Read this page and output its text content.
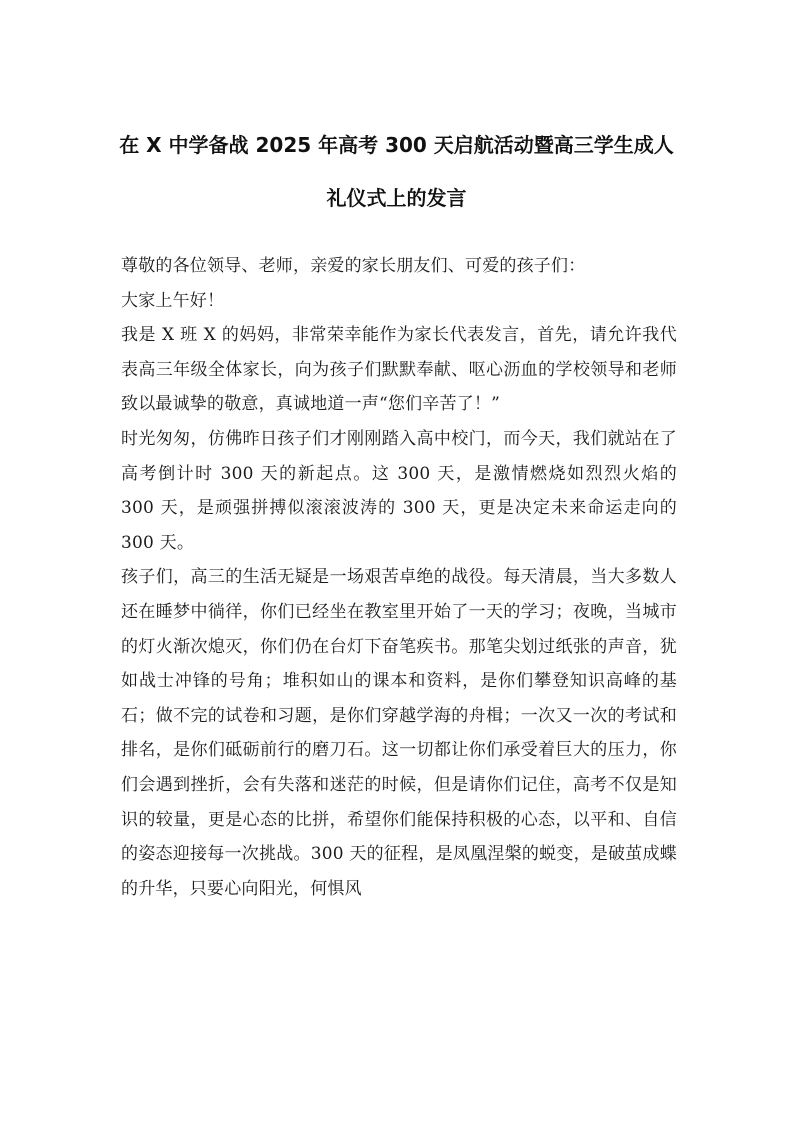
在 X 中学备战 2025 年高考 300 天启航活动暨高三学生成人
礼仪式上的发言

尊敬的各位领导、老师，亲爱的家长朋友们、可爱的孩子们：

大家上午好！

我是 X 班 X 的妈妈，非常荣幸能作为家长代表发言，首先，请允许我代表高三年级全体家长，向为孩子们默默奉献、呕心沥血的学校领导和老师致以最诚挚的敬意，真诚地道一声“您们辛苦了！”

时光匆匆，仿佛昨日孩子们才刚刚踏入高中校门，而今天，我们就站在了高考倒计时 300 天的新起点。这 300 天，是激情燃烧如烈烈火焰的 300 天，是顽强拼搏似滚滚波涛的 300 天，更是决定未来命运走向的 300 天。

孩子们，高三的生活无疑是一场艰苦卓绝的战役。每天清晨，当大多数人还在睡梦中徜徉，你们已经坐在教室里开始了一天的学习；夜晚，当城市的灯火渐次熄灭，你们仍在台灯下奋笔疾书。那笔尖划过纸张的声音，犹如战士冲锋的号角；堆积如山的课本和资料，是你们攀登知识高峰的基石；做不完的试卷和习题，是你们穿越学海的舟楫；一次又一次的考试和排名，是你们砥砺前行的磨刀石。这一切都让你们承受着巨大的压力，你们会遇到挫折，会有失落和迷茫的时候，但是请你们记住，高考不仅是知识的较量，更是心态的比拼，希望你们能保持积极的心态，以平和、自信的姿态迎接每一次挑战。300 天的征程，是凤凰涅槃的蜕变，是破茧成蝶的升华，只要心向阳光，何惧风
